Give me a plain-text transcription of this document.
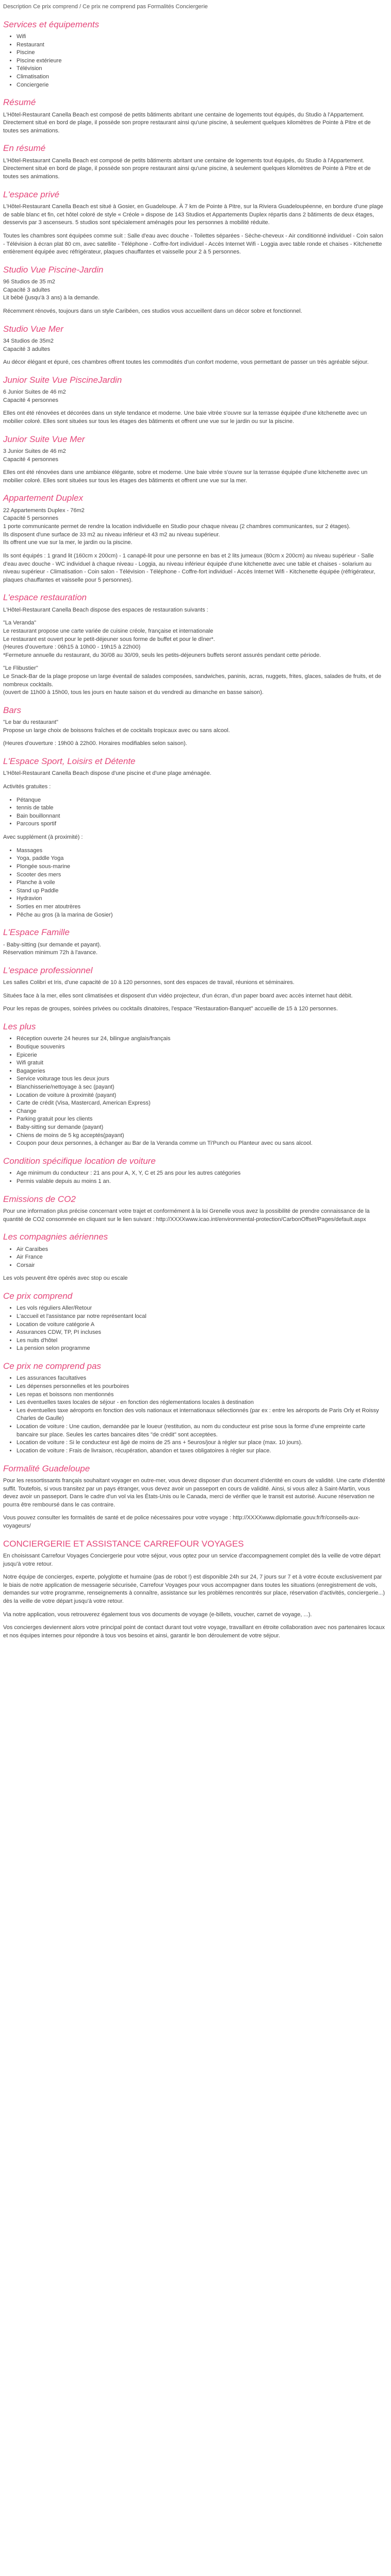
Description Ce prix comprend / Ce prix ne comprend pas Formalités Conciergerie
Services et équipements
• Wifi
• Restaurant
• Piscine
• Piscine extérieure
• Télévision
• Climatisation
• Conciergerie
Résumé

L'Hôtel-Restaurant Canella Beach est composé de petits bâtiments abritant une centaine de logements tout équipés, du Studio à l'Appartement. Directement situé en bord de plage, il possède son propre restaurant ainsi qu'une piscine, à seulement quelques kilomètres de Pointe à Pitre et de toutes ses animations.

En résumé

L'Hôtel-Restaurant Canella Beach est composé de petits bâtiments abritant une centaine de logements tout équipés, du Studio à l'Appartement. Directement situé en bord de plage, il possède son propre restaurant ainsi qu'une piscine, à seulement quelques kilomètres de Pointe à Pitre et de toutes ses animations.

L'espace privé

L'Hôtel-Restaurant Canella Beach est situé à Gosier, en Guadeloupe. À 7 km de Pointe à Pitre, sur la Riviera Guadeloupéenne, en bordure d'une plage de sable blanc et fin, cet hôtel coloré de style « Créole » dispose de 143 Studios et Appartements Duplex répartis dans 2 bâtiments de deux étages, desservis par 3 ascenseurs. 5 studios sont spécialement aménagés pour les personnes à mobilité réduite.

Toutes les chambres sont équipées comme suit : Salle d'eau avec douche - Toilettes séparées - Sèche-cheveux - Air conditionné individuel - Coin salon - Télévision à écran plat 80 cm, avec satellite - Téléphone - Coffre-fort individuel - Accès Internet Wifi - Loggia avec table ronde et chaises - Kitchenette entièrement équipée avec réfrigérateur, plaques chauffantes et vaisselle pour 2 à 5 personnes.

Studio Vue Piscine-Jardin

96 Studios de 35 m2
Capacité 3 adultes
Lit bébé (jusqu'à 3 ans) à la demande.

Récemment rénovés, toujours dans un style Caribéen, ces studios vous accueillent dans un décor sobre et fonctionnel.

Studio Vue Mer

34 Studios de 35m2
Capacité 3 adultes

Au décor élégant et épuré, ces chambres offrent toutes les commodités d'un confort moderne, vous permettant de passer un très agréable séjour.

Junior Suite Vue PiscineJardin

6 Junior Suites de 46 m2
Capacité 4 personnes

Elles ont été rénovées et décorées dans un style tendance et moderne. Une baie vitrée s'ouvre sur la terrasse équipée d'une kitchenette avec un mobilier coloré. Elles sont situées sur tous les étages des bâtiments et offrent une vue sur le jardin ou sur la piscine.

Junior Suite Vue Mer

3 Junior Suites de 46 m2
Capacité 4 personnes

Elles ont été rénovées dans une ambiance élégante, sobre et moderne. Une baie vitrée s'ouvre sur la terrasse équipée d'une kitchenette avec un mobilier coloré. Elles sont situées sur tous les étages des bâtiments et offrent une vue sur la mer.

Appartement Duplex

22 Appartements Duplex - 76m2
Capacité 5 personnes
1 porte communicante permet de rendre la location individuelle en Studio pour chaque niveau (2 chambres communicantes, sur 2 étages).
Ils disposent d'une surface de 33 m2 au niveau inférieur et 43 m2 au niveau supérieur.
Ils offrent une vue sur la mer, le jardin ou la piscine.

Ils sont équipés : 1 grand lit (160cm x 200cm) - 1 canapé-lit pour une personne en bas et 2 lits jumeaux (80cm x 200cm) au niveau supérieur - Salle d'eau avec douche - WC individuel à chaque niveau - Loggia, au niveau inférieur équipée d'une kitchenette avec une table et chaises - solarium au niveau supérieur - Climatisation - Coin salon - Télévision - Téléphone - Coffre-fort individuel - Accès Internet Wifi - Kitchenette équipée (réfrigérateur, plaques chauffantes et vaisselle pour 5 personnes).

L'espace restauration

L'Hôtel-Restaurant Canella Beach dispose des espaces de restauration suivants :

"La Veranda"
Le restaurant propose une carte variée de cuisine créole, française et internationale
Le restaurant est ouvert pour le petit-déjeuner sous forme de buffet et pour le dîner*.
(Heures d'ouverture : 06h15 à 10h00 - 19h15 à 22h00)
*Fermeture annuelle du restaurant, du 30/08 au 30/09, seuls les petits-déjeuners buffets seront assurés pendant cette période.

"Le Flibustier"
Le Snack-Bar de la plage propose un large éventail de salades composées, sandwiches, paninis, acras, nuggets, frites, glaces, salades de fruits, et de nombreux cocktails.
(ouvert de 11h00 à 15h00, tous les jours en haute saison et du vendredi au dimanche en basse saison).

Bars

"Le bar du restaurant"
Propose un large choix de boissons fraîches et de cocktails tropicaux avec ou sans alcool.

(Heures d'ouverture : 19h00 à 22h00. Horaires modifiables selon saison).

L'Espace Sport, Loisirs et Détente

L'Hôtel-Restaurant Canella Beach dispose d'une piscine et d'une plage aménagée.

Activités gratuites :

• Pétanque
• tennis de table
• Bain bouillonnant
• Parcours sportif

Avec supplément (à proximité) :

• Massages
• Yoga, paddle Yoga
• Plongée sous-marine
• Scooter des mers
• Planche à voile
• Stand up Paddle
• Hydravion
• Sorties en mer atoutrères
• Pêche au gros (à la marina de Gosier)
L'Espace Famille

- Baby-sitting (sur demande et payant).
Réservation minimum 72h à l'avance.

L'espace professionnel

Les salles Colibri et Iris, d'une capacité de 10 à 120 personnes, sont des espaces de travail, réunions et séminaires.

Situées face à la mer, elles sont climatisées et disposent d'un vidéo projecteur, d'un écran, d'un paper board avec accès internet haut débit.

Pour les repas de groupes, soirées privées ou cocktails dinatoires, l'espace "Restauration-Banquet" accueille de 15 à 120 personnes.

Les plus
• Réception ouverte 24 heures sur 24, bilingue anglais/français
• Boutique souvenirs
• Epicerie
• Wifi gratuit
• Bagageries
• Service voiturage tous les deux jours
• Blanchisserie/nettoyage à sec (payant)
• Location de voiture à proximité (payant)
• Carte de crédit (Visa, Mastercard, American Express)
• Change
• Parking gratuit pour les clients
• Baby-sitting sur demande (payant)
• Chiens de moins de 5 kg acceptés(payant)
• Coupon pour deux personnes, à échanger au Bar de la Veranda comme un Ti'Punch ou Planteur avec ou sans alcool.
Condition spécifique location de voiture
• Age minimum du conducteur : 21 ans pour A, X, Y, C et 25 ans pour les autres catégories
• Permis valable depuis au moins 1 an.
Emissions de CO2

Pour une information plus précise concernant votre trajet et conformément à la loi Grenelle vous avez la possibilité de prendre connaissance de la quantité de CO2 consommée en cliquant sur le lien suivant : http://XXXXwww.icao.int/environmental-protection/CarbonOffset/Pages/default.aspx

Les compagnies aériennes
• Air Caraïbes
• Air France
• Corsair

Les vols peuvent être opérés avec stop ou escale

Ce prix comprend
• Les vols réguliers Aller/Retour
• L'accueil et l'assistance par notre représentant local
• Location de voiture catégorie A
• Assurances CDW, TP, PI incluses
• Les nuits d'hôtel
• La pension selon programme
Ce prix ne comprend pas
• Les assurances facultatives
• Les dépenses personnelles et les pourboires
• Les repas et boissons non mentionnés
• Les éventuelles taxes locales de séjour - en fonction des réglementations locales à destination
• Les éventuelles taxe aéroports en fonction des vols nationaux et internationaux sélectionnés (par ex : entre les aéroports de Paris Orly et Roissy Charles de Gaulle)
• Location de voiture : Une caution, demandée par le loueur (restitution, au nom du conducteur est prise sous la forme d'une empreinte carte bancaire sur place. Seules les cartes bancaires dites "de crédit" sont acceptées.
• Location de voiture : Si le conducteur est âgé de moins de 25 ans + 5euros/jour à régler sur place (max. 10 jours).
• Location de voiture : Frais de livraison, récupération, abandon et taxes obligatoires à régler sur place.
Formalité Guadeloupe

Pour les ressortissants français souhaitant voyager en outre-mer, vous devez disposer d'un document d'identité en cours de validité. Une carte d'identité suffit. Toutefois, si vous transitez par un pays étranger, vous devez avoir un passeport en cours de validité. Ainsi, si vous allez à Saint-Martin, vous devez avoir un passeport. Dans le cadre d'un vol via les États-Unis ou le Canada, merci de vérifier que le transit est autorisé. Aucune réservation ne pourra être remboursé dans le cas contraire.

Vous pouvez consulter les formalités de santé et de police nécessaires pour votre voyage : http://XXXXwww.diplomatie.gouv.fr/fr/conseils-aux-voyageurs/

CONCIERGERIE ET ASSISTANCE CARREFOUR VOYAGES

En choisissant Carrefour Voyages Conciergerie pour votre séjour, vous optez pour un service d'accompagnement complet dès la veille de votre départ jusqu'à votre retour.

Notre équipe de concierges, experte, polyglotte et humaine (pas de robot !) est disponible 24h sur 24, 7 jours sur 7 et à votre écoute exclusivement par le biais de notre application de messagerie sécurisée, Carrefour Voyages pour vous accompagner dans toutes les situations (enregistrement de vols, demandes sur votre programme, renseignements à connaître, assistance sur les problèmes rencontrés sur place, réservation d'activités, conciergerie...) dès la veille de votre départ jusqu'à votre retour.

Via notre application, vous retrouverez également tous vos documents de voyage (e-billets, voucher, carnet de voyage, ...).

Vos concierges deviennent alors votre principal point de contact durant tout votre voyage, travaillant en étroite collaboration avec nos partenaires locaux et nos équipes internes pour répondre à tous vos besoins et ainsi, garantir le bon déroulement de votre séjour.
